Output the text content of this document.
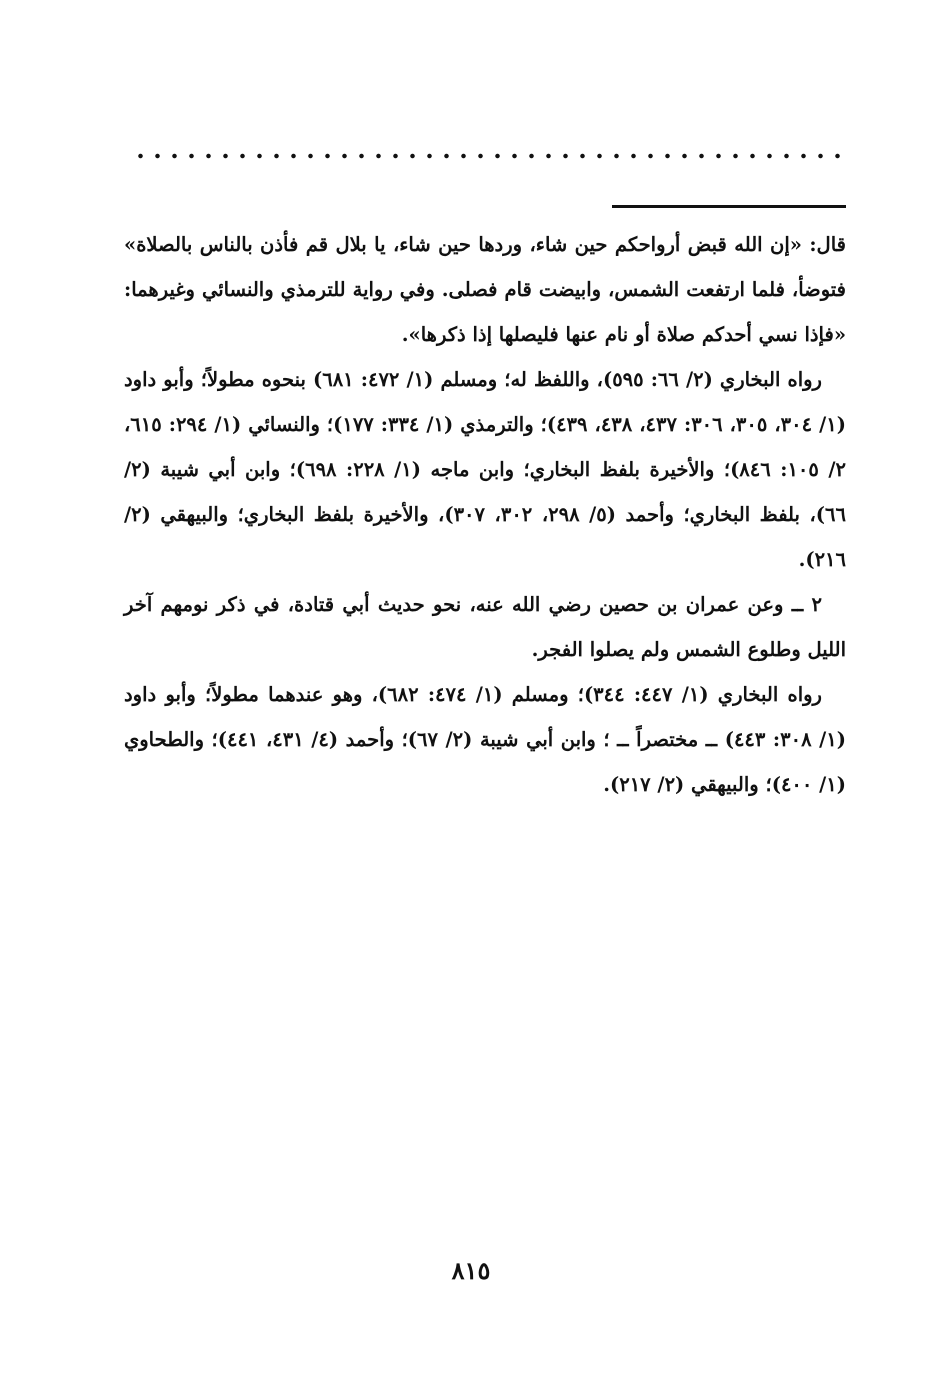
قال: «إن الله قبض أرواحكم حين شاء، وردها حين شاء، يا بلال قم فأذن بالناس بالصلاة» فتوضأ، فلما ارتفعت الشمس، وابيضت قام فصلى. وفي رواية للترمذي والنسائي وغيرهما: «فإذا نسي أحدكم صلاة أو نام عنها فليصلها إذا ذكرها».

رواه البخاري (٢/ ٦٦: ٥٩٥)، واللفظ له؛ ومسلم (١/ ٤٧٢: ٦٨١) بنحوه مطولاً؛ وأبو داود (١/ ٣٠٤، ٣٠٥، ٣٠٦: ٤٣٧، ٤٣٨، ٤٣٩)؛ والترمذي (١/ ٣٣٤: ١٧٧)؛ والنسائي (١/ ٢٩٤: ٦١٥، ٢/ ١٠٥: ٨٤٦)؛ والأخيرة بلفظ البخاري؛ وابن ماجه (١/ ٢٢٨: ٦٩٨)؛ وابن أبي شيبة (٢/ ٦٦)، بلفظ البخاري؛ وأحمد (٥/ ٢٩٨، ٣٠٢، ٣٠٧)، والأخيرة بلفظ البخاري؛ والبيهقي (٢/ ٢١٦).

٢ ــ وعن عمران بن حصين رضي الله عنه، نحو حديث أبي قتادة، في ذكر نومهم آخر الليل وطلوع الشمس ولم يصلوا الفجر.

رواه البخاري (١/ ٤٤٧: ٣٤٤)؛ ومسلم (١/ ٤٧٤: ٦٨٢)، وهو عندهما مطولاً؛ وأبو داود (١/ ٣٠٨: ٤٤٣) ــ مختصراً ــ ؛ وابن أبي شيبة (٢/ ٦٧)؛ وأحمد (٤/ ٤٣١، ٤٤١)؛ والطحاوي (١/ ٤٠٠)؛ والبيهقي (٢/ ٢١٧).

٨١٥
